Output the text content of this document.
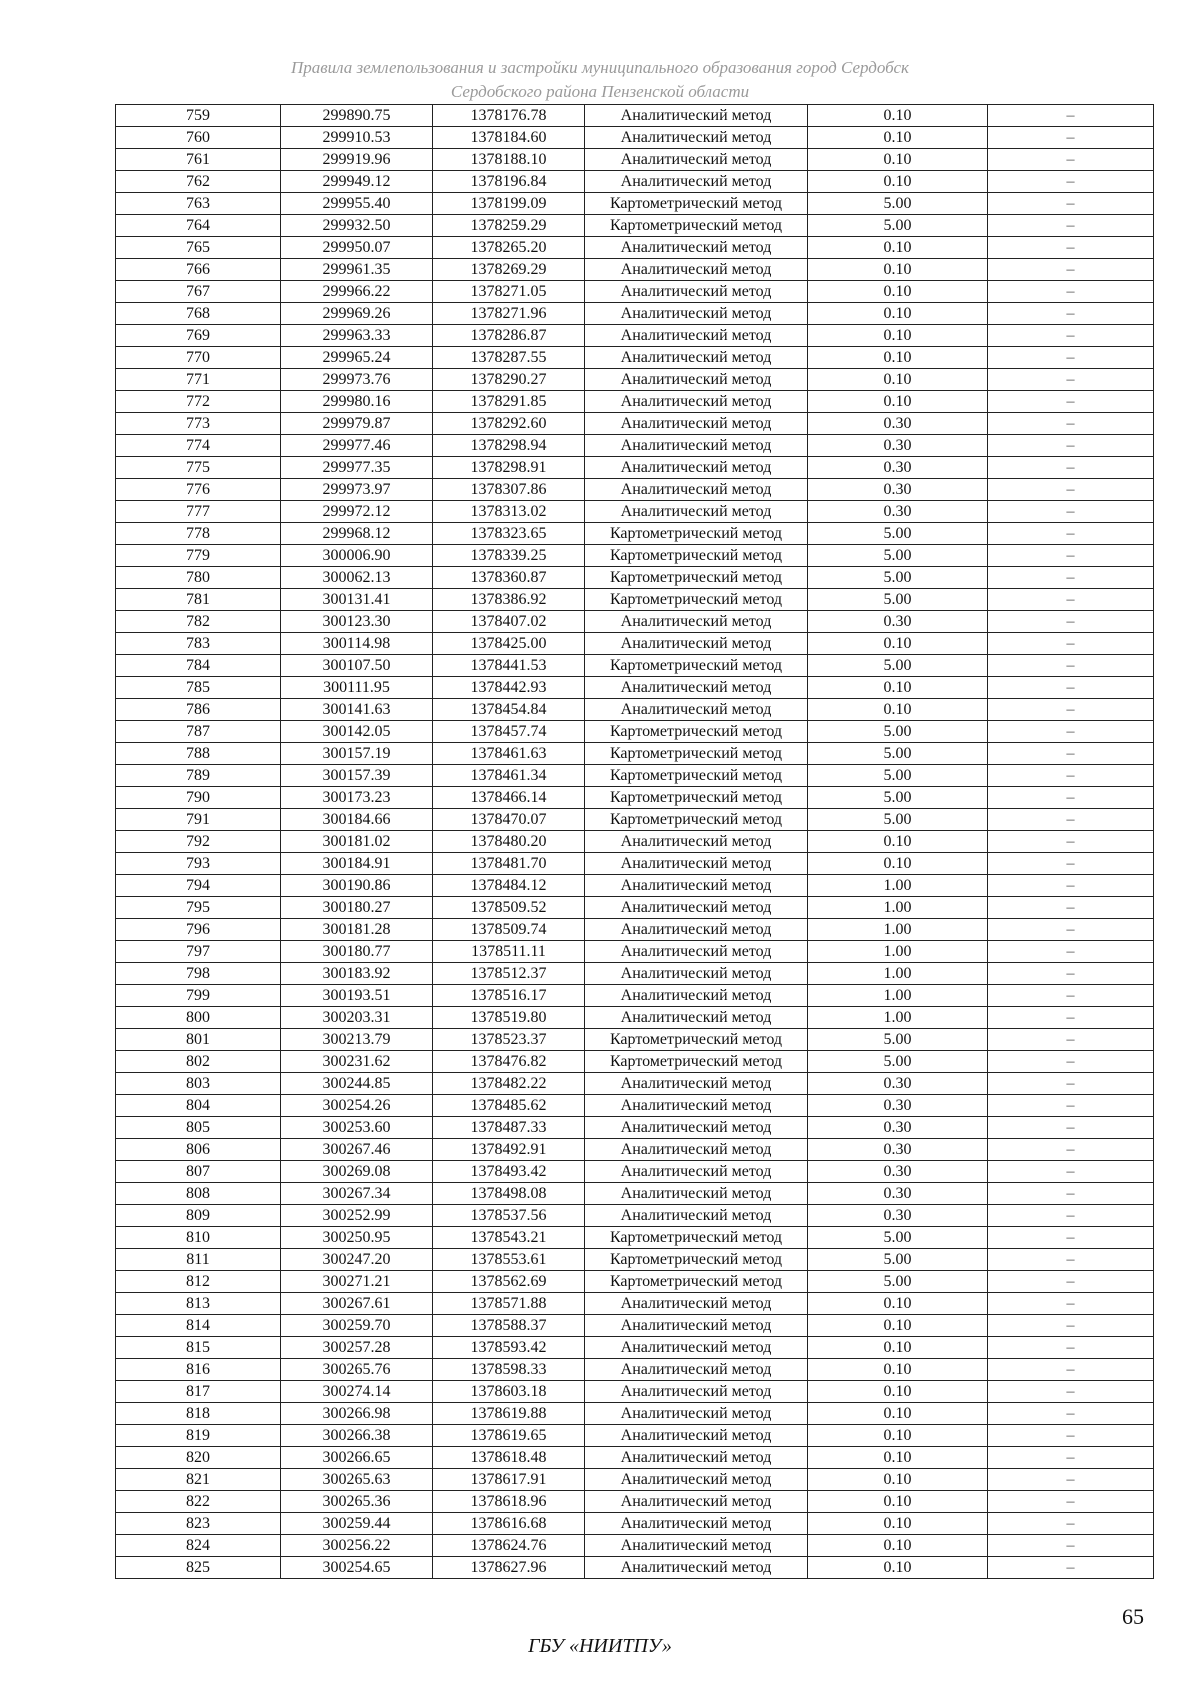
Правила землепользования и застройки муниципального образования город Сердобск
Сердобского района Пензенской области
759	299890.75	1378176.78	Аналитический метод	0.10	–
760	299910.53	1378184.60	Аналитический метод	0.10	–
761	299919.96	1378188.10	Аналитический метод	0.10	–
762	299949.12	1378196.84	Аналитический метод	0.10	–
763	299955.40	1378199.09	Картометрический метод	5.00	–
764	299932.50	1378259.29	Картометрический метод	5.00	–
765	299950.07	1378265.20	Аналитический метод	0.10	–
766	299961.35	1378269.29	Аналитический метод	0.10	–
767	299966.22	1378271.05	Аналитический метод	0.10	–
768	299969.26	1378271.96	Аналитический метод	0.10	–
769	299963.33	1378286.87	Аналитический метод	0.10	–
770	299965.24	1378287.55	Аналитический метод	0.10	–
771	299973.76	1378290.27	Аналитический метод	0.10	–
772	299980.16	1378291.85	Аналитический метод	0.10	–
773	299979.87	1378292.60	Аналитический метод	0.30	–
774	299977.46	1378298.94	Аналитический метод	0.30	–
775	299977.35	1378298.91	Аналитический метод	0.30	–
776	299973.97	1378307.86	Аналитический метод	0.30	–
777	299972.12	1378313.02	Аналитический метод	0.30	–
778	299968.12	1378323.65	Картометрический метод	5.00	–
779	300006.90	1378339.25	Картометрический метод	5.00	–
780	300062.13	1378360.87	Картометрический метод	5.00	–
781	300131.41	1378386.92	Картометрический метод	5.00	–
782	300123.30	1378407.02	Аналитический метод	0.30	–
783	300114.98	1378425.00	Аналитический метод	0.10	–
784	300107.50	1378441.53	Картометрический метод	5.00	–
785	300111.95	1378442.93	Аналитический метод	0.10	–
786	300141.63	1378454.84	Аналитический метод	0.10	–
787	300142.05	1378457.74	Картометрический метод	5.00	–
788	300157.19	1378461.63	Картометрический метод	5.00	–
789	300157.39	1378461.34	Картометрический метод	5.00	–
790	300173.23	1378466.14	Картометрический метод	5.00	–
791	300184.66	1378470.07	Картометрический метод	5.00	–
792	300181.02	1378480.20	Аналитический метод	0.10	–
793	300184.91	1378481.70	Аналитический метод	0.10	–
794	300190.86	1378484.12	Аналитический метод	1.00	–
795	300180.27	1378509.52	Аналитический метод	1.00	–
796	300181.28	1378509.74	Аналитический метод	1.00	–
797	300180.77	1378511.11	Аналитический метод	1.00	–
798	300183.92	1378512.37	Аналитический метод	1.00	–
799	300193.51	1378516.17	Аналитический метод	1.00	–
800	300203.31	1378519.80	Аналитический метод	1.00	–
801	300213.79	1378523.37	Картометрический метод	5.00	–
802	300231.62	1378476.82	Картометрический метод	5.00	–
803	300244.85	1378482.22	Аналитический метод	0.30	–
804	300254.26	1378485.62	Аналитический метод	0.30	–
805	300253.60	1378487.33	Аналитический метод	0.30	–
806	300267.46	1378492.91	Аналитический метод	0.30	–
807	300269.08	1378493.42	Аналитический метод	0.30	–
808	300267.34	1378498.08	Аналитический метод	0.30	–
809	300252.99	1378537.56	Аналитический метод	0.30	–
810	300250.95	1378543.21	Картометрический метод	5.00	–
811	300247.20	1378553.61	Картометрический метод	5.00	–
812	300271.21	1378562.69	Картометрический метод	5.00	–
813	300267.61	1378571.88	Аналитический метод	0.10	–
814	300259.70	1378588.37	Аналитический метод	0.10	–
815	300257.28	1378593.42	Аналитический метод	0.10	–
816	300265.76	1378598.33	Аналитический метод	0.10	–
817	300274.14	1378603.18	Аналитический метод	0.10	–
818	300266.98	1378619.88	Аналитический метод	0.10	–
819	300266.38	1378619.65	Аналитический метод	0.10	–
820	300266.65	1378618.48	Аналитический метод	0.10	–
821	300265.63	1378617.91	Аналитический метод	0.10	–
822	300265.36	1378618.96	Аналитический метод	0.10	–
823	300259.44	1378616.68	Аналитический метод	0.10	–
824	300256.22	1378624.76	Аналитический метод	0.10	–
825	300254.65	1378627.96	Аналитический метод	0.10	–
65
ГБУ «НИИТПУ»
